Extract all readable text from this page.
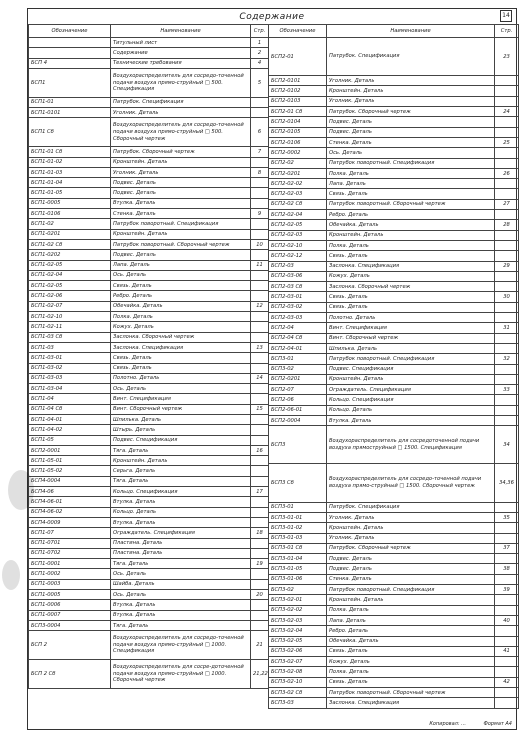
14
Содержание
Обозначение	Наименование	Стр.
	Титульный лист	1
	Содержание	2
БСП 4	Технические требования	4
БСП1	Воздухораспределитель для сосредо-точенной подачи воздуха прямо-струйный □ 500. Спецификация	5
БСП1-01	Патрубок. Спецификация	
БСП1-0101	Уголник. Деталь	
БСП1 Сб	Воздухораспределитель для сосредо-точенной подачи воздуха прямо-струйный □ 500. Сборочный чертеж	6
БСП1-01 Сб	Патрубок. Сборочный чертеж	7
БСП1-01-02	Кронштейн. Деталь	
БСП1-01-03	Уголник. Деталь	8
БСП1-01-04	Подвес. Деталь	
БСП1-01-05	Подвес. Деталь	
БСП1-0005	Втулка. Деталь	
БСП1-0106	Стенка. Деталь	9
БСП1-02	Патрубок поворотный. Спецификация	
БСП1-0201	Кронштейн. Деталь	
БСП1-02 Сб	Патрубок поворотный. Сборочный чертеж	10
БСП1-0202	Подвес. Деталь	
БСП1-02-05	Лапа. Деталь	11
БСП1-02-04	Ось. Деталь	
БСП1-02-05	Связь. Деталь	
БСП1-02-06	Ребро. Деталь	
БСП1-02-07	Обечайка. Деталь	12
БСП1-02-10	Полка. Деталь	
БСП1-02-11	Кожух. Деталь	
БСП1-03 Сб	Заслонка. Сборочный чертеж	
БСП1-03	Заслонка. Спецификация	13
БСП1-03-01	Связь. Деталь	
БСП1-03-02	Связь. Деталь	
БСП1-03-03	Полотно. Деталь	14
БСП1-03-04	Ось. Деталь	
БСП1-04	Винт. Спецификация	
БСП1-04 Сб	Винт. Сборочный чертеж	15
БСП1-04-01	Шпилька. Деталь	
БСП1-04-02	Штырь. Деталь	
БСП1-05	Подвес. Спецификация	
БСП2-0001	Тяга. Деталь	16
БСП1-05-01	Кронштейн. Деталь	
БСП1-05-02	Серьга. Деталь	
БСП4-0004	Тяга. Деталь	
БСП4-06	Кольцо. Спецификация	17
БСП4-06-01	Втулка. Деталь	
БСП4-06-02	Кольцо. Деталь	
БСП4-0009	Втулка. Деталь	
БСП1-07	Ограждатель. Спецификация	18
БСП1-0701	Пластина. Деталь	
БСП1-0702	Пластина. Деталь	
БСП1-0001	Тяга. Деталь	19
БСП1-0002	Ось. Деталь	
БСП1-0003	Шайба. Деталь	
БСП1-0005	Ось. Деталь	20
БСП1-0006	Втулка. Деталь	
БСП1-0007	Втулка. Деталь	
БСП3-0004	Тяга. Деталь	
БСП 2	Воздухораспределитель для сосредо-точенной подачи воздуха прямо-струйный □ 1000. Спецификация	21
БСП 2 Сб	Воздухораспределитель для сосре-доточенной подачи воздуха прямо-струйный □ 1000. Сборочный чертеж	21,22
Обозначение	Наименование	Стр.
БСП2-01	Патрубок. Спецификация	23
БСП2-0101	Уголник. Деталь	
БСП2-0102	Кронштейн. Деталь	
БСП2-0103	Уголник. Деталь	
БСП2-01 Сб	Патрубок. Сборочный чертеж	24
БСП2-0104	Подвес. Деталь	
БСП2-0105	Подвес. Деталь	
БСП2-0106	Стенка. Деталь	25
БСП2-0002	Ось. Деталь	
БСП2-02	Патрубок поворотный. Спецификация	
БСП2-0201	Полка. Деталь	26
БСП2-02-02	Лапа. Деталь	
БСП2-02-03	Связь. Деталь	
БСП2-02 Сб	Патрубок поворотный. Сборочный чертеж	27
БСП2-02-04	Ребро. Деталь	
БСП2-02-05	Обечайка. Деталь	28
БСП2-02-03	Кронштейн. Деталь	
БСП2-02-10	Полка. Деталь	
БСП2-02-12	Связь. Деталь	
БСП2-03	Заслонка. Спецификация	29
БСП2-03-06	Кожух. Деталь	
БСП2-03 Сб	Заслонка. Сборочный чертеж	
БСП2-03-01	Связь. Деталь	30
БСП2-03-02	Связь. Деталь	
БСП2-03-03	Полотно. Деталь	
БСП2-04	Винт. Спецификация	31
БСП2-04 Сб	Винт. Сборочный чертеж	
БСП2-04-01	Шпилька. Деталь	
БСП3-01	Патрубок поворотный. Спецификация	32
БСП3-02	Подвес. Спецификация	
БСП2-0201	Кронштейн. Деталь	
БСП2-07	Ограждатель. Спецификация	33
БСП2-06	Кольцо. Спецификация	
БСП2-06-01	Кольцо. Деталь	
БСП2-0004	Втулка. Деталь	
БСП3	Воздухораспределитель для сосредоточенной подачи воздуха прямоструйный □ 1500. Спецификация	34
БСП3 Сб	Воздухораспределитель для сосредо-точенной подачи воздуха прямо-струйный □ 1500. Сборочный чертеж	34,36
БСП3-01	Патрубок. Спецификация	
БСП3-01-01	Уголник. Деталь	35
БСП3-01-02	Кронштейн. Деталь	
БСП3-01-03	Уголник. Деталь	
БСП3-01 Сб	Патрубок. Сборочный чертеж	37
БСП3-01-04	Подвес. Деталь	
БСП3-01-05	Подвес. Деталь	38
БСП3-01-06	Стенка. Деталь	
БСП3-02	Патрубок поворотный. Спецификация	39
БСП3-02-01	Кронштейн. Деталь	
БСП3-02-02	Полка. Деталь	
БСП3-02-03	Лапа. Деталь	40
БСП3-02-04	Ребро. Деталь	
БСП3-02-05	Обечайка. Деталь	
БСП3-02-06	Связь. Деталь	41
БСП3-02-07	Кожух. Деталь	
БСП3-02-08	Полка. Деталь	
БСП3-02-10	Связь. Деталь	42
БСП3-02 Сб	Патрубок поворотный. Сборочный чертеж	
БСП3-03	Заслонка. Спецификация	
Копировал: ...	Формат А4
